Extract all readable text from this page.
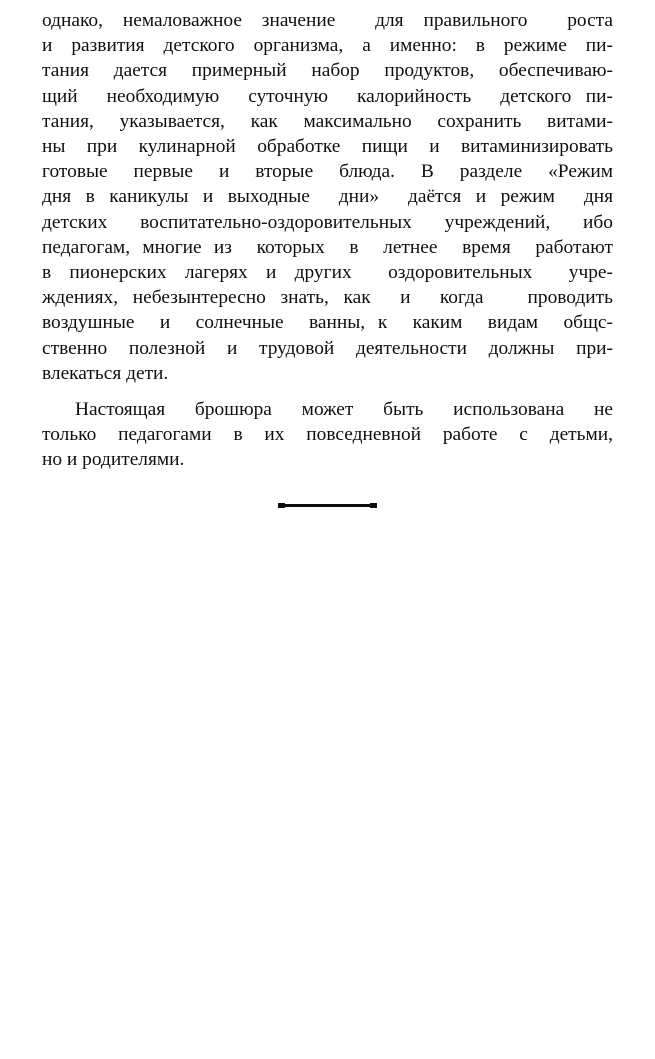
однако, немаловажное значение  для правильного  роста
и развития детского организма, а именно: в режиме пи-
тания дается примерный набор продуктов, обеспечиваю-
щий  необходимую  суточную  калорийность  детского пи-
тания, указывается, как максимально сохранить витами-
ны при кулинарной обработке пищи и витаминизировать
готовые  первые  и  вторые  блюда.  В  разделе  «Режим
дня в каникулы и выходные  дни»  даётся и режим  дня
детских воспитательно-оздоровительных учреждений, ибо
педагогам, многие из  которых  в  летнее  время  работают
в пионерских лагерях и других  оздоровительных  учре-
ждениях, небезынтересно знать, как  и  когда   проводить
воздушные  и  солнечные  ванны, к  каким  видам  общс-
ственно полезной и трудовой деятельности должны при-
влекаться дети.

Настоящая  брошюра  может  быть  использована  не
только педагогами в их повседневной работе с детьми,
но и родителями.
